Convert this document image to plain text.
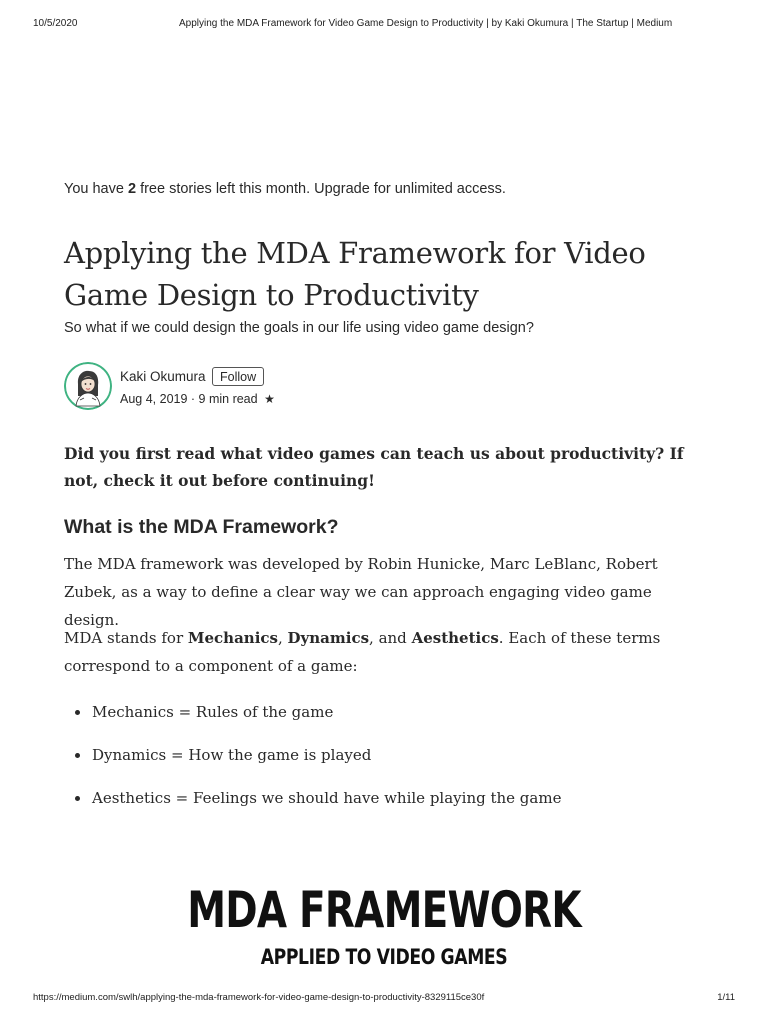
10/5/2020	Applying the MDA Framework for Video Game Design to Productivity | by Kaki Okumura | The Startup | Medium
You have 2 free stories left this month. Upgrade for unlimited access.
Applying the MDA Framework for Video Game Design to Productivity
So what if we could design the goals in our life using video game design?
Kaki Okumura	Follow
Aug 4, 2019 · 9 min read ★

Did you first read what video games can teach us about productivity? If not, check it out before continuing!

What is the MDA Framework?

The MDA framework was developed by Robin Hunicke, Marc LeBlanc, Robert Zubek, as a way to define a clear way we can approach engaging video game design.

MDA stands for Mechanics, Dynamics, and Aesthetics. Each of these terms correspond to a component of a game:

Mechanics = Rules of the game
Dynamics = How the game is played
Aesthetics = Feelings we should have while playing the game
MDA FRAMEWORK
APPLIED TO VIDEO GAMES
https://medium.com/swlh/applying-the-mda-framework-for-video-game-design-to-productivity-8329115ce30f	1/11
